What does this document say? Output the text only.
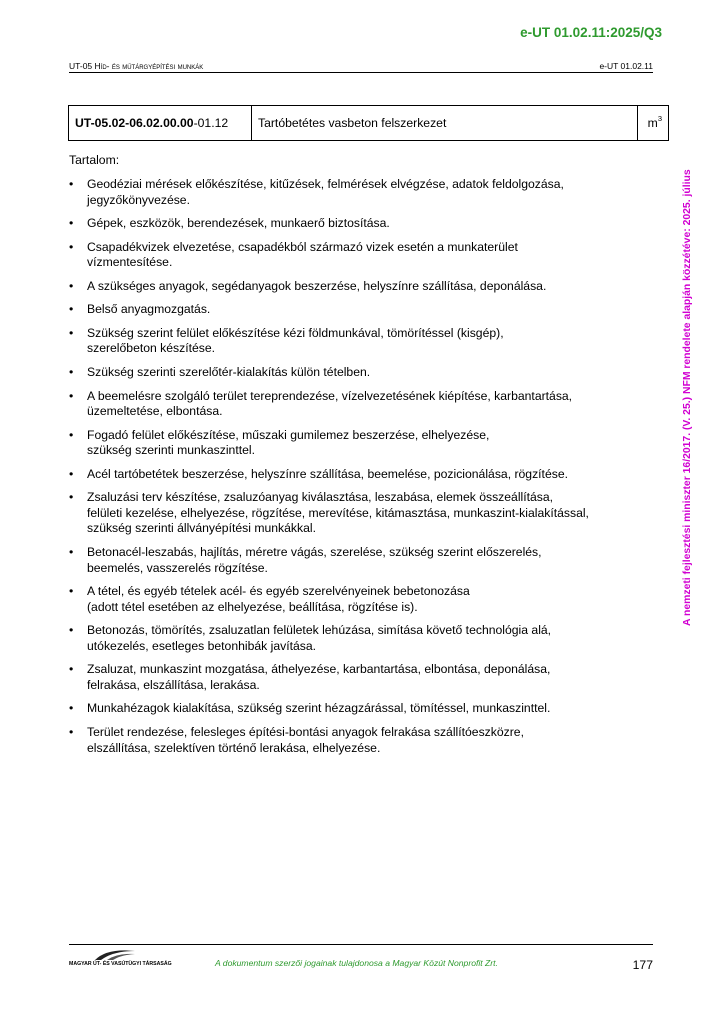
e-UT 01.02.11:2025/Q3
UT-05 Híd- és műtárgyépítési munkák	e-UT 01.02.11
UT-05.02-06.02.00.00-01.12	Tartóbetétes vasbeton felszerkezet	$m^3$
Tartalom:
• Geodéziai mérések előkészítése, kitűzések, felmérések elvégzése, adatok feldolgozása,
jegyzőkönyvezése.
• Gépek, eszközök, berendezések, munkaerő biztosítása.
• Csapadékvizek elvezetése, csapadékból származó vizek esetén a munkaterület
vízmentesítése.
• A szükséges anyagok, segédanyagok beszerzése, helyszínre szállítása, deponálása.
• Belső anyagmozgatás.
• Szükség szerint felület előkészítése kézi földmunkával, tömörítéssel (kisgép),
szerelőbeton készítése.
• Szükség szerinti szerelőtér-kialakítás külön tételben.
• A beemelésre szolgáló terület tereprendezése, vízelvezetésének kiépítése, karbantartása,
üzemeltetése, elbontása.
• Fogadó felület előkészítése, műszaki gumilemez beszerzése, elhelyezése,
szükség szerinti munkaszinttel.
• Acél tartóbetétek beszerzése, helyszínre szállítása, beemelése, pozicionálása, rögzítése.
• Zsaluzási terv készítése, zsaluzóanyag kiválasztása, leszabása, elemek összeállítása,
felületi kezelése, elhelyezése, rögzítése, merevítése, kitámasztása, munkaszint-kialakítással,
szükség szerinti állványépítési munkákkal.
• Betonacél-leszabás, hajlítás, méretre vágás, szerelése, szükség szerint előszerelés,
beemelés, vasszerelés rögzítése.
• A tétel, és egyéb tételek acél- és egyéb szerelvényeinek bebetonozása
(adott tétel esetében az elhelyezése, beállítása, rögzítése is).
• Betonozás, tömörítés, zsaluzatlan felületek lehúzása, simítása követő technológia alá,
utókezelés, esetleges betonhibák javítása.
• Zsaluzat, munkaszint mozgatása, áthelyezése, karbantartása, elbontása, deponálása,
felrakása, elszállítása, lerakása.
• Munkahézagok kialakítása, szükség szerint hézagzárással, tömítéssel, munkaszinttel.
• Terület rendezése, felesleges építési-bontási anyagok felrakása szállítóeszközre,
elszállítása, szelektíven történő lerakása, elhelyezése.
A nemzeti fejlesztési miniszter 16/2017. (V. 25.) NFM rendelete alapján közzétéve: 2025. július
MAGYAR ÚT- ÉS VASÚTÜGYI TÁRSASÁG	A dokumentum szerzői jogainak tulajdonosa a Magyar Közút Nonprofit Zrt.	177
